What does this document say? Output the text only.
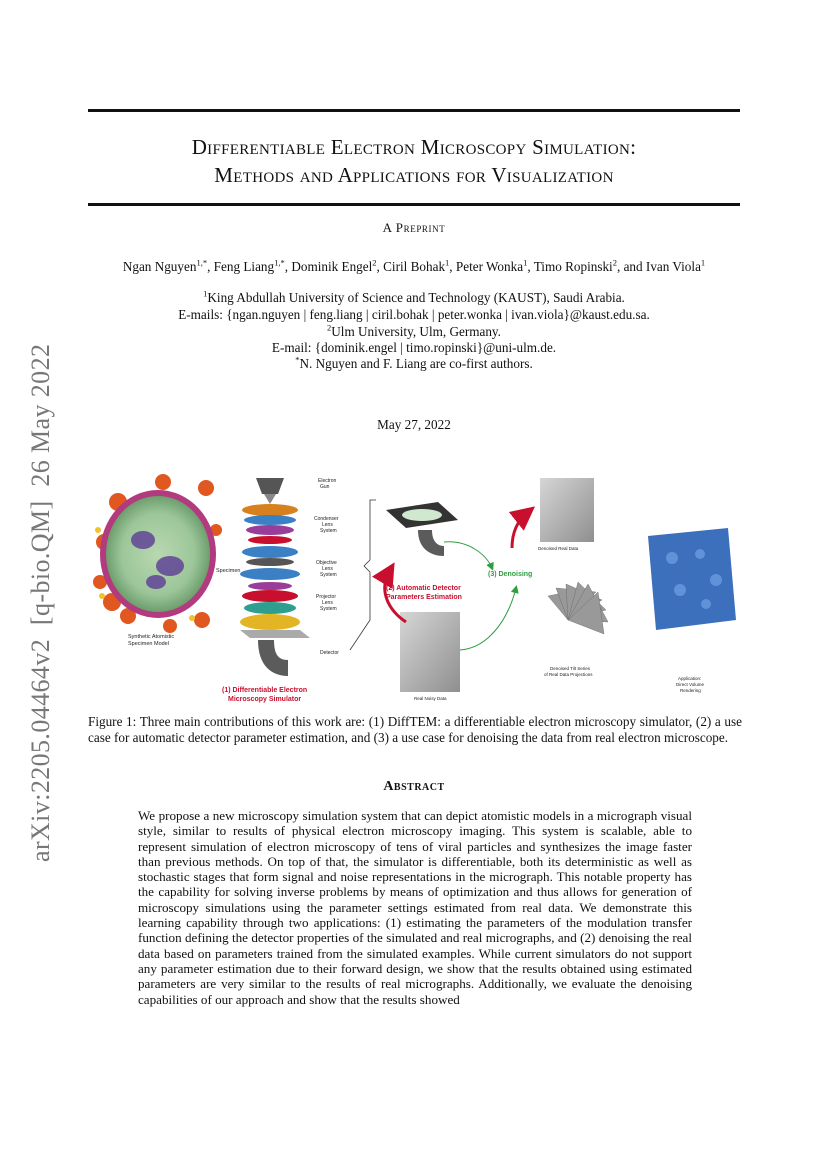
arXiv:2205.04464v2  [q-bio.QM]  26 May 2022
Differentiable Electron Microscopy Simulation:
Methods and Applications for Visualization
A Preprint
Ngan Nguyen$^{1,*}$, Feng Liang$^{1,*}$, Dominik Engel$^2$, Ciril Bohak$^1$, Peter Wonka$^1$, Timo Ropinski$^2$, and Ivan Viola$^1$
$^1$King Abdullah University of Science and Technology (KAUST), Saudi Arabia.
E-mails: {ngan.nguyen | feng.liang | ciril.bohak | peter.wonka | ivan.viola}@kaust.edu.sa.
$^2$Ulm University, Ulm, Germany.
E-mail: {dominik.engel | timo.ropinski}@uni-ulm.de.
*N. Nguyen and F. Liang are co-first authors.
May 27, 2022
Synthetic Atomistic Specimen Model
Specimen
Electron Gun
Condenser Lens System
Objective Lens System
Projector Lens System
Detector
(1) Differentiable Electron Microscopy Simulator	Real Noisy Data
(2) Automatic Detector Parameters Estimation
(3) Denoising
Denoised Real Data
Denoised Tilt Series of Real Data Projections
Application: Direct Volume Rendering
Figure 1: Three main contributions of this work are: (1) DiffTEM: a differentiable electron microscopy simulator, (2) a use case for automatic detector parameter estimation, and (3) a use case for denoising the data from real electron microscope.
Abstract
We propose a new microscopy simulation system that can depict atomistic models in a micrograph visual style, similar to results of physical electron microscopy imaging. This system is scalable, able to represent simulation of electron microscopy of tens of viral particles and synthesizes the image faster than previous methods. On top of that, the simulator is differentiable, both its deterministic as well as stochastic stages that form signal and noise representations in the micrograph. This notable property has the capability for solving inverse problems by means of optimization and thus allows for generation of microscopy simulations using the parameter settings estimated from real data. We demonstrate this learning capability through two applications: (1) estimating the parameters of the modulation transfer function defining the detector properties of the simulated and real micrographs, and (2) denoising the real data based on parameters trained from the simulated examples. While current simulators do not support any parameter estimation due to their forward design, we show that the results obtained using estimated parameters are very similar to the results of real micrographs. Additionally, we evaluate the denoising capabilities of our approach and show that the results showed
